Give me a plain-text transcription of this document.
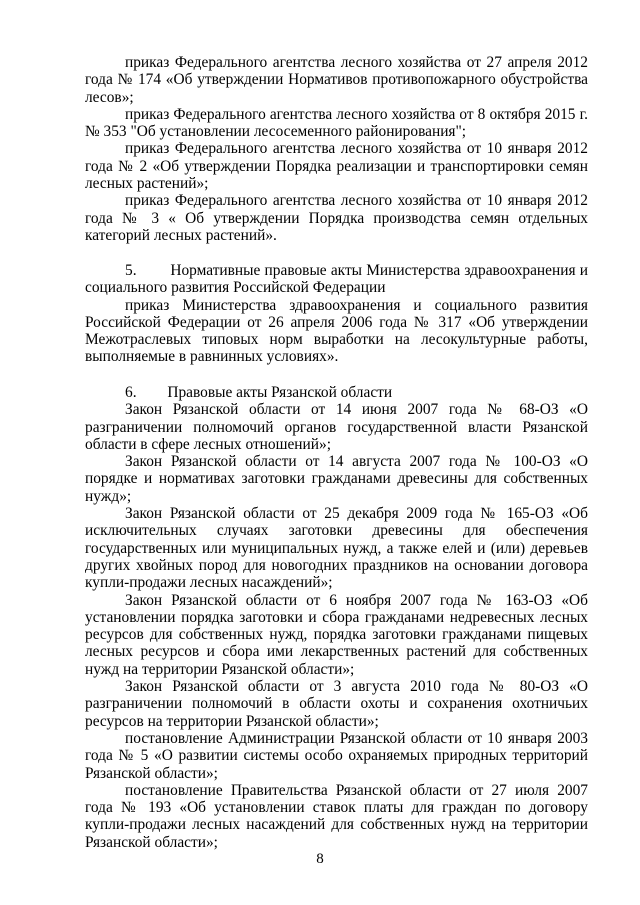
приказ Федерального агентства лесного хозяйства от 27 апреля 2012 года № 174 «Об утверждении Нормативов противопожарного обустройства лесов»;

приказ Федерального агентства лесного хозяйства от 8 октября 2015 г. № 353 "Об установлении лесосеменного районирования";

приказ Федерального агентства лесного хозяйства от 10 января 2012 года № 2 «Об утверждении Порядка реализации и транспортировки семян лесных растений»;

приказ Федерального агентства лесного хозяйства от 10 января 2012 года № 3 « Об утверждении Порядка производства семян отдельных категорий лесных растений».

5. Нормативные правовые акты Министерства здравоохранения и социального развития Российской Федерации

приказ Министерства здравоохранения и социального развития Российской Федерации от 26 апреля 2006 года № 317 «Об утверждении Межотраслевых типовых норм выработки на лесокультурные работы, выполняемые в равнинных условиях».

6. Правовые акты Рязанской области

Закон Рязанской области от 14 июня 2007 года № 68-ОЗ «О разграничении полномочий органов государственной власти Рязанской области в сфере лесных отношений»;

Закон Рязанской области от 14 августа 2007 года № 100-ОЗ «О порядке и нормативах заготовки гражданами древесины для собственных нужд»;

Закон Рязанской области от 25 декабря 2009 года № 165-ОЗ «Об исключительных случаях заготовки древесины для обеспечения государственных или муниципальных нужд, а также елей и (или) деревьев других хвойных пород для новогодних праздников на основании договора купли-продажи лесных насаждений»;

Закон Рязанской области от 6 ноября 2007 года № 163-ОЗ «Об установлении порядка заготовки и сбора гражданами недревесных лесных ресурсов для собственных нужд, порядка заготовки гражданами пищевых лесных ресурсов и сбора ими лекарственных растений для собственных нужд на территории Рязанской области»;

Закон Рязанской области от 3 августа 2010 года № 80-ОЗ «О разграничении полномочий в области охоты и сохранения охотничьих ресурсов на территории Рязанской области»;

постановление Администрации Рязанской области от 10 января 2003 года № 5 «О развитии системы особо охраняемых природных территорий Рязанской области»;

постановление Правительства Рязанской области от 27 июля 2007 года № 193 «Об установлении ставок платы для граждан по договору купли-продажи лесных насаждений для собственных нужд на территории Рязанской области»;

8
